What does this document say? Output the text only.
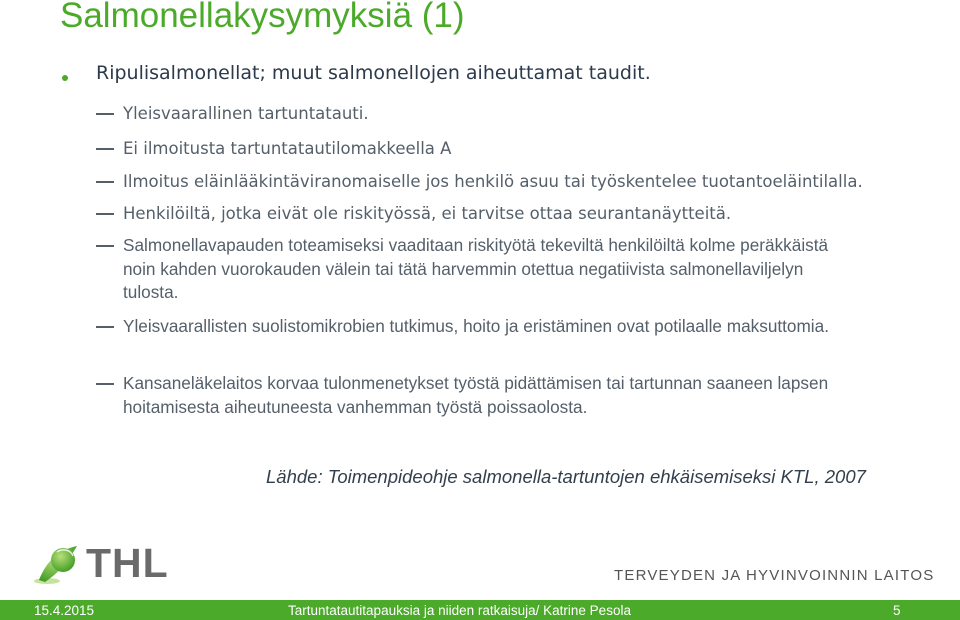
Salmonellakysymyksiä (1)
Ripulisalmonellat; muut salmonellojen aiheuttamat taudit.
Yleisvaarallinen tartuntatauti.
Ei ilmoitusta tartuntatautilomakkeella A
Ilmoitus eläinlääkintäviranomaiselle jos henkilö asuu tai työskentelee tuotantoeläintilalla.
Henkilöiltä, jotka eivät ole riskityössä, ei tarvitse ottaa seurantanäytteitä.
Salmonellavapauden toteamiseksi vaaditaan riskityötä tekeviltä henkilöiltä kolme peräkkäistä noin kahden vuorokauden välein tai tätä harvemmin otettua negatiivista salmonellaviljelyn tulosta.
Yleisvaarallisten suolistomikrobien tutkimus, hoito ja eristäminen ovat potilaalle maksuttomia.
Kansaneläkelaitos korvaa tulonmenetykset työstä pidättämisen tai tartunnan saaneen lapsen hoitamisesta aiheutuneesta vanhemman työstä poissaolosta.
Lähde: Toimenpideohje salmonella-tartuntojen ehkäisemiseksi KTL, 2007
THL	TERVEYDEN JA HYVINVOINNIN LAITOS
15.4.2015	Tartuntatautitapauksia ja niiden ratkaisuja/ Katrine Pesola	5
